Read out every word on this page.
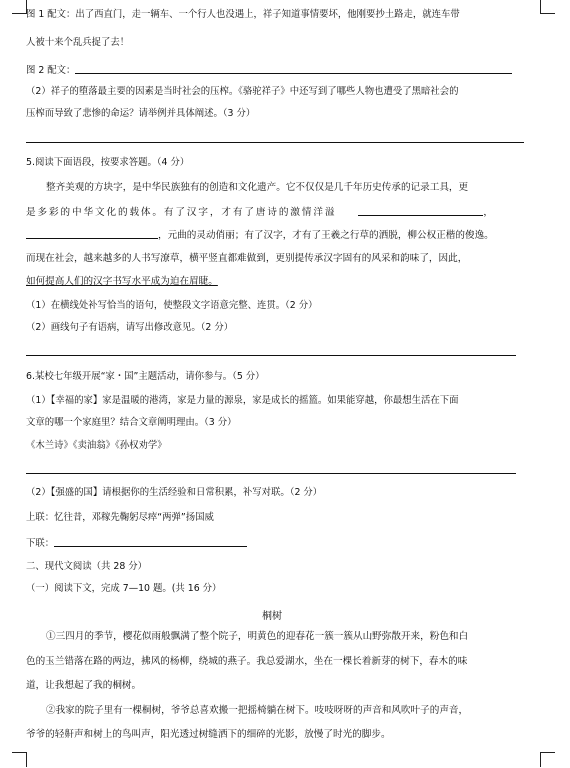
图 1 配文：出了西直门，走一辆车、一个行人也没遇上，祥子知道事情要坏，他刚要抄土路走，就连车带
人被十来个乱兵捉了去！
图 2 配文：
（2）祥子的堕落最主要的因素是当时社会的压榨。《骆驼祥子》中还写到了哪些人物也遭受了黑暗社会的
压榨而导致了悲惨的命运？请举例并具体阐述。（3 分）
5.阅读下面语段，按要求答题。（4 分）
整齐美观的方块字，是中华民族独有的创造和文化遗产。它不仅仅是几千年历史传承的记录工具，更
是多彩的中华文化的载体。有了汉字，才有了唐诗的激情洋溢	，
，元曲的灵动俏丽；有了汉字，才有了王羲之行草的洒脱，柳公权正楷的俊逸。
而现在社会，越来越多的人书写潦草，横平竖直都难做到，更别提传承汉字固有的风采和韵味了，因此，
如何提高人们的汉字书写水平成为迫在眉睫。
（1）在横线处补写恰当的语句，使整段文字语意完整、连贯。（2 分）
（2）画线句子有语病，请写出修改意见。（2 分）
6.某校七年级开展“家・国”主题活动，请你参与。（5 分）
（1）【幸福的家】家是温暖的港湾，家是力量的源泉，家是成长的摇篮。如果能穿越，你最想生活在下面
文章的哪一个家庭里？结合文章阐明理由。（3 分）
《木兰诗》《卖油翁》《孙权劝学》
（2）【强盛的国】请根据你的生活经验和日常积累，补写对联。（2 分）
上联：忆往昔，邓稼先鞠躬尽瘁“两弹”扬国威
下联：
二、现代文阅读（共 28 分）
（一）阅读下文，完成 7—10 题。(共 16 分）
桐树
①三四月的季节，樱花似雨般飘满了整个院子，明黄色的迎春花一簇一簇从山野弥散开来，粉色和白
色的玉兰错落在路的两边，拂风的杨柳，绕城的燕子。我总爱湖水，坐在一棵长着新芽的树下，春木的味
道，让我想起了我的桐树。
②我家的院子里有一棵桐树，爷爷总喜欢搬一把摇椅躺在树下。吱吱呀呀的声音和风吹叶子的声音，
爷爷的轻鼾声和树上的鸟叫声，阳光透过树缝洒下的细碎的光影，放慢了时光的脚步。
